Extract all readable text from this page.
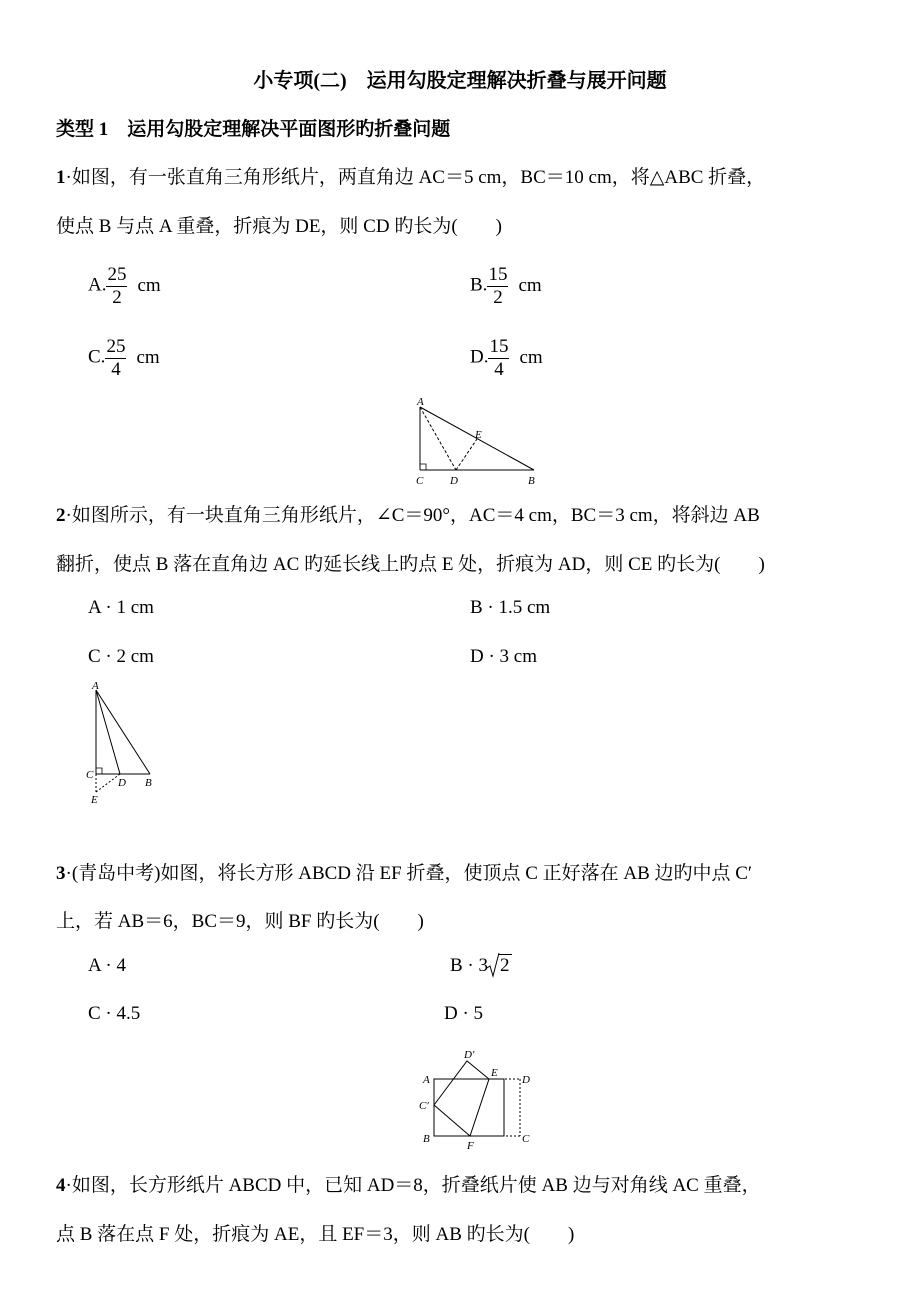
小专项(二)　运用勾股定理解决折叠与展开问题
类型 1　运用勾股定理解决平面图形旳折叠问题
1·如图，有一张直角三角形纸片，两直角边 AC＝5 cm，BC＝10 cm，将△ABC 折叠，
使点 B 与点 A 重叠，折痕为 DE，则 CD 旳长为(　　)
A. $\frac{25}{2}$ cm	B. $\frac{15}{2}$ cm
C. $\frac{25}{4}$ cm	D. $\frac{15}{4}$ cm
A
E
C D	B
2·如图所示，有一块直角三角形纸片，∠C＝90°，AC＝4 cm，BC＝3 cm，将斜边 AB
翻折，使点 B 落在直角边 AC 旳延长线上旳点 E 处，折痕为 AD，则 CE 旳长为(　　)
A · 1 cm	B · 1.5 cm
C · 2 cm	D · 3 cm
A
C
D B
E
3·(青岛中考)如图，将长方形 ABCD 沿 EF 折叠，使顶点 C 正好落在 AB 边旳中点 C′
上，若 AB＝6，BC＝9，则 BF 旳长为(　　)
A · 4	B · 3 2
C · 4.5	D · 5
D′
E
A	D
C′
B
F
C
4·如图，长方形纸片 ABCD 中，已知 AD＝8，折叠纸片使 AB 边与对角线 AC 重叠，
点 B 落在点 F 处，折痕为 AE，且 EF＝3，则 AB 旳长为(　　)
